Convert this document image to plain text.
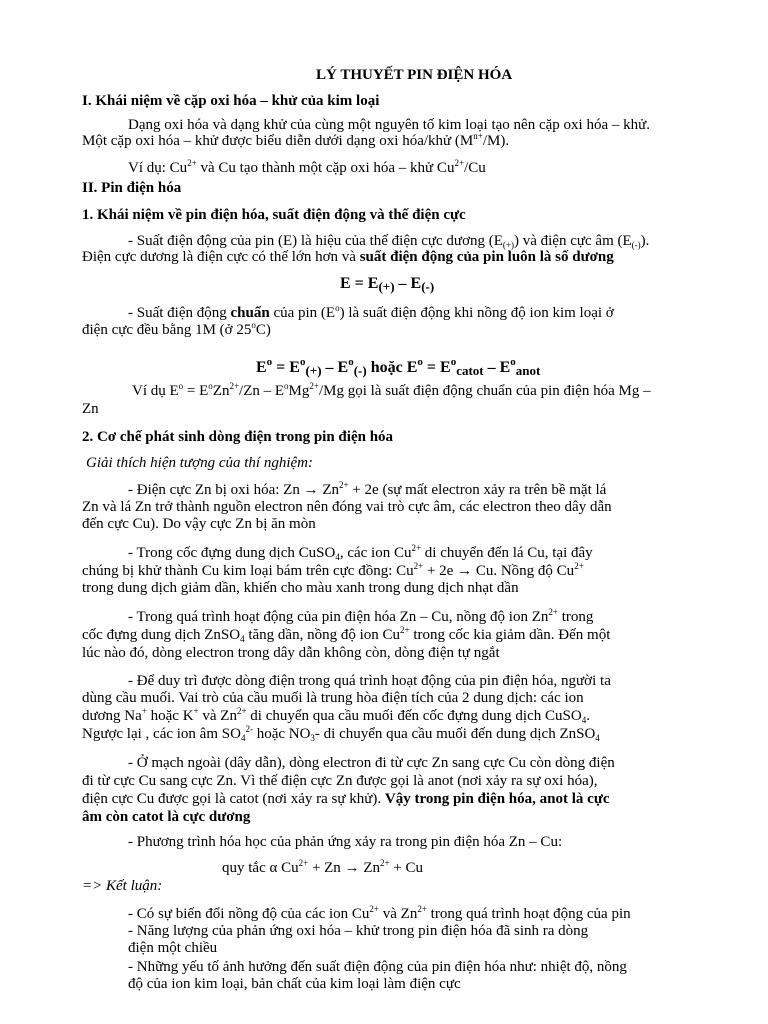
LÝ THUYẾT PIN ĐIỆN HÓA
I. Khái niệm về cặp oxi hóa – khử của kim loại
Dạng oxi hóa và dạng khử của cùng một nguyên tố kim loại tạo nên cặp oxi hóa – khử.
Một cặp oxi hóa – khử được biểu diễn dưới dạng oxi hóa/khử $(M^{n+}/M)$.
Ví dụ: $Cu^{2+}$ và Cu tạo thành một cặp oxi hóa – khử $Cu^{2+}/Cu$
II. Pin điện hóa
1. Khái niệm về pin điện hóa, suất điện động và thế điện cực
- Suất điện động của pin (E) là hiệu của thế điện cực dương $(E_{(+)})$ và điện cực âm $(E_{(-)})$.
Điện cực dương là điện cực có thế lớn hơn và suất điện động của pin luôn là số dương
E = E(+) – E(-)
- Suất điện động chuẩn của pin $(E^o)$ là suất điện động khi nồng độ ion kim loại ở
điện cực đều bằng 1M (ở 25$^o$C)
$E^o = E^o(+) - E^o(-)$ hoặc $E^o$ = $E^ocatot$ – $E^oanot$
Ví dụ $E^o = E^oZn^{2+}/Zn - E^oMg^{2+}/Mg$ gọi là suất điện động chuẩn của pin điện hóa Mg –
Zn
2. Cơ chế phát sinh dòng điện trong pin điện hóa
Giải thích hiện tượng của thí nghiệm:
- Điện cực Zn bị oxi hóa: $Zn \to Zn^{2+} + 2e$ (sự mất electron xảy ra trên bề mặt lá
Zn và lá Zn trở thành nguồn electron nên đóng vai trò cực âm, các electron theo dây dẫn
đến cực Cu). Do vậy cực Zn bị ăn mòn
- Trong cốc đựng dung dịch CuSO$_4$, các ion $Cu^{2+}$ di chuyển đến lá Cu, tại đây
chúng bị khử thành Cu kim loại bám trên cực đồng: $Cu^{2+} + 2e \to Cu$. Nồng độ $Cu^{2+}$
trong dung dịch giảm dần, khiến cho màu xanh trong dung dịch nhạt dần
- Trong quá trình hoạt động của pin điện hóa Zn – Cu, nồng độ ion $Zn^{2+}$ trong
cốc đựng dung dịch ZnSO$_4$ tăng dần, nồng độ ion $Cu^{2+}$ trong cốc kia giảm dần. Đến một
lúc nào đó, dòng electron trong dây dẫn không còn, dòng điện tự ngắt
- Để duy trì được dòng điện trong quá trình hoạt động của pin điện hóa, người ta
dùng cầu muối. Vai trò của cầu muối là trung hòa điện tích của 2 dung dịch: các ion
dương Na+ hoặc K+ và $Zn^{2+}$ di chuyển qua cầu muối đến cốc đựng dung dịch CuSO$_4$.
Ngược lại , các ion âm $SO_4^{2-}$ hoặc $NO_3-$ di chuyển qua cầu muối đến dung dịch ZnSO$_4$
- Ở mạch ngoài (dây dẫn), dòng electron đi từ cực Zn sang cực Cu còn dòng điện
đi từ cực Cu sang cực Zn. Vì thế điện cực Zn được gọi là anot (nơi xảy ra sự oxi hóa),
điện cực Cu được gọi là catot (nơi xảy ra sự khử). Vậy trong pin điện hóa, anot là cực
âm còn catot là cực dương
- Phương trình hóa học của phản ứng xảy ra trong pin điện hóa Zn – Cu:
quy tắc α $Cu^{2+} + Zn \to Zn^{2+} + Cu$
=> Kết luận:
- Có sự biến đổi nồng độ của các ion $Cu^{2+}$ và $Zn^{2+}$ trong quá trình hoạt động của pin
- Năng lượng của phản ứng oxi hóa – khử trong pin điện hóa đã sinh ra dòng
điện một chiều
- Những yếu tố ảnh hưởng đến suất điện động của pin điện hóa như: nhiệt độ, nồng
độ của ion kim loại, bản chất của kim loại làm điện cực
